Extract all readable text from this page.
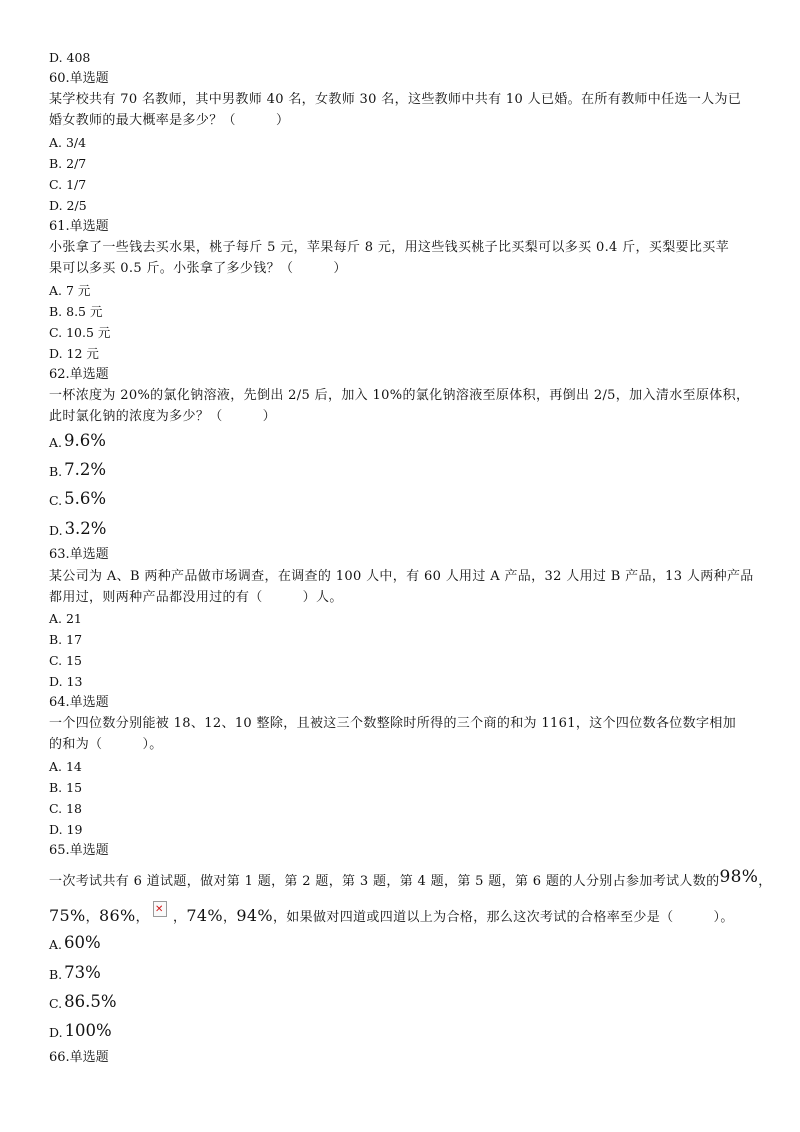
D. 408
60.单选题
某学校共有 70 名教师，其中男教师 40 名，女教师 30 名，这些教师中共有 10 人已婚。在所有教师中任选一人为已
婚女教师的最大概率是多少？（　　　）
A. 3/4
B. 2/7
C. 1/7
D. 2/5
61.单选题
小张拿了一些钱去买水果，桃子每斤 5 元，苹果每斤 8 元，用这些钱买桃子比买梨可以多买 0.4 斤，买梨要比买苹
果可以多买 0.5 斤。小张拿了多少钱？（　　　）
A. 7 元
B. 8.5 元
C. 10.5 元
D. 12 元
62.单选题
一杯浓度为 20%的氯化钠溶液，先倒出 2/5 后，加入 10%的氯化钠溶液至原体积，再倒出 2/5，加入清水至原体积，
此时氯化钠的浓度为多少？（　　　）
A. 9.6%
B. 7.2%
C. 5.6%
D. 3.2%
63.单选题
某公司为 A、B 两种产品做市场调查，在调查的 100 人中，有 60 人用过 A 产品，32 人用过 B 产品，13 人两种产品
都用过，则两种产品都没用过的有（　　　）人。
A. 21
B. 17
C. 15
D. 13
64.单选题
一个四位数分别能被 18、12、10 整除，且被这三个数整除时所得的三个商的和为 1161，这个四位数各位数字相加
的和为（　　　）。
A. 14
B. 15
C. 18
D. 19
65.单选题
一次考试共有 6 道试题，做对第 1 题，第 2 题，第 3 题，第 4 题，第 5 题，第 6 题的人分别占参加考试人数的98%，
75%，86%，✕ ，74%，94%，如果做对四道或四道以上为合格，那么这次考试的合格率至少是（　　　）。
A. 60%
B. 73%
C. 86.5%
D. 100%
66.单选题
